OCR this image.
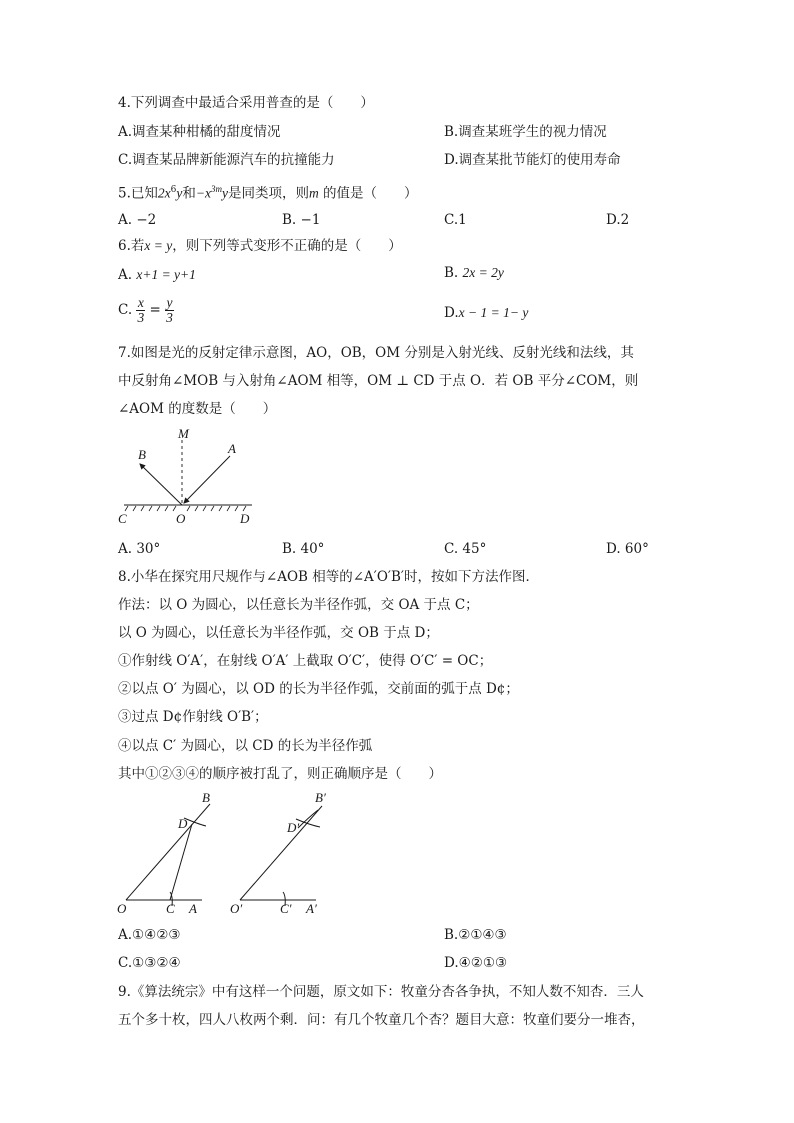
4.下列调查中最适合采用普查的是（　　）
A.调查某种柑橘的甜度情况	B.调查某班学生的视力情况
C.调查某品牌新能源汽车的抗撞能力	D.调查某批节能灯的使用寿命
5.已知$2x^6y$和$-x^{3m}y$是同类项，则m 的值是（　　）
A. −2	B. −1	C.1	D.2
6.若x = y，则下列等式变形不正确的是（　　）
A. x+1 = y+1	B. 2x = 2y
C. $\frac{x}{3} = \frac{y}{3}$	D.x − 1 = 1− y
7.如图是光的反射定律示意图，AO，OB，OM 分别是入射光线、反射光线和法线，其
中反射角∠MOB 与入射角∠AOM 相等，OM ⊥ CD 于点 O．若 OB 平分∠COM，则
∠AOM 的度数是（　　）
M
A
B
C	O	D
A. 30°	B. 40°	C. 45°	D. 60°
8.小华在探究用尺规作与∠AOB 相等的∠A′O′B′时，按如下方法作图．
作法：以 O 为圆心，以任意长为半径作弧，交 OA 于点 C；
以 O 为圆心，以任意长为半径作弧，交 OB 于点 D；
①作射线 O′A′，在射线 O′A′ 上截取 O′C′，使得 O′C′ = OC；
②以点 O′ 为圆心，以 OD 的长为半径作弧，交前面的弧于点 D¢；
③过点 D¢作射线 O′B′；
④以点 C′ 为圆心，以 CD 的长为半径作弧
其中①②③④的顺序被打乱了，则正确顺序是（　　）
B
D
O	C A
B′
D′
O′	C′ A′
A.①④②③	B.②①④③
C.①③②④	D.④②①③
9.《算法统宗》中有这样一个问题，原文如下：牧童分杏各争执，不知人数不知杏．三人
五个多十枚，四人八枚两个剩．问：有几个牧童几个杏？题目大意：牧童们要分一堆杏，
